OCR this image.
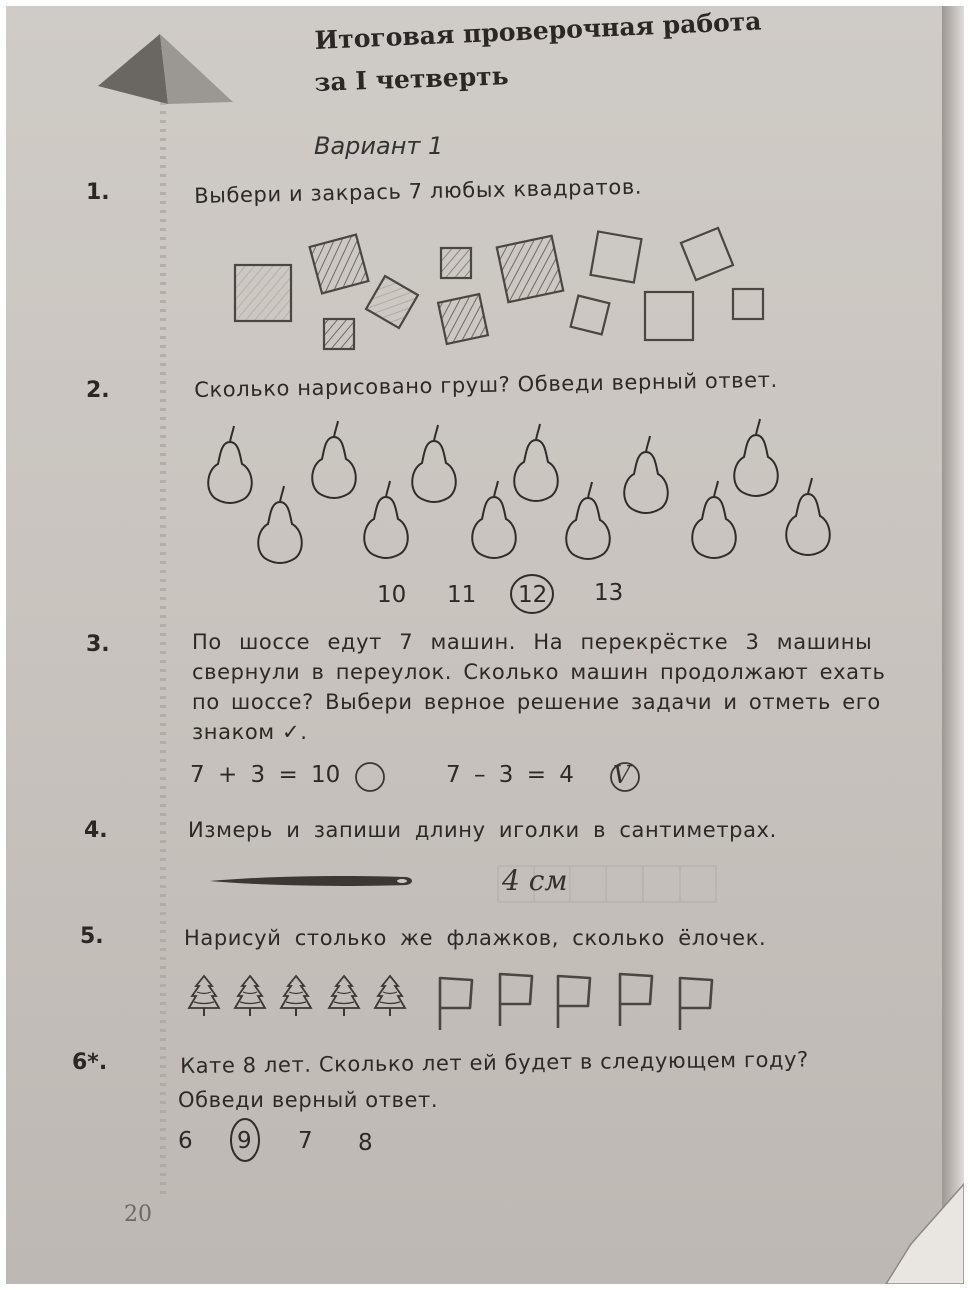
Итоговая проверочная работа
за I четверть
Вариант 1
1.	Выбери и закрась 7 любых квадратов.
2.	Сколько нарисовано груш? Обведи верный ответ.
10 11 12 13
3.	По шоссе едут 7 машин. На перекрёстке 3 машины
свернули в переулок. Сколько машин продолжают ехать
по шоссе? Выбери верное решение задачи и отметь его
знаком ✓.
7 + 3 = 10	7 – 3 = 4 V
4.	Измерь и запиши длину иголки в сантиметрах.
4 см
5.	Нарисуй столько же флажков, сколько ёлочек.
6*.	Кате 8 лет. Сколько лет ей будет в следующем году?
Обведи верный ответ.
6 9 7 8
20
